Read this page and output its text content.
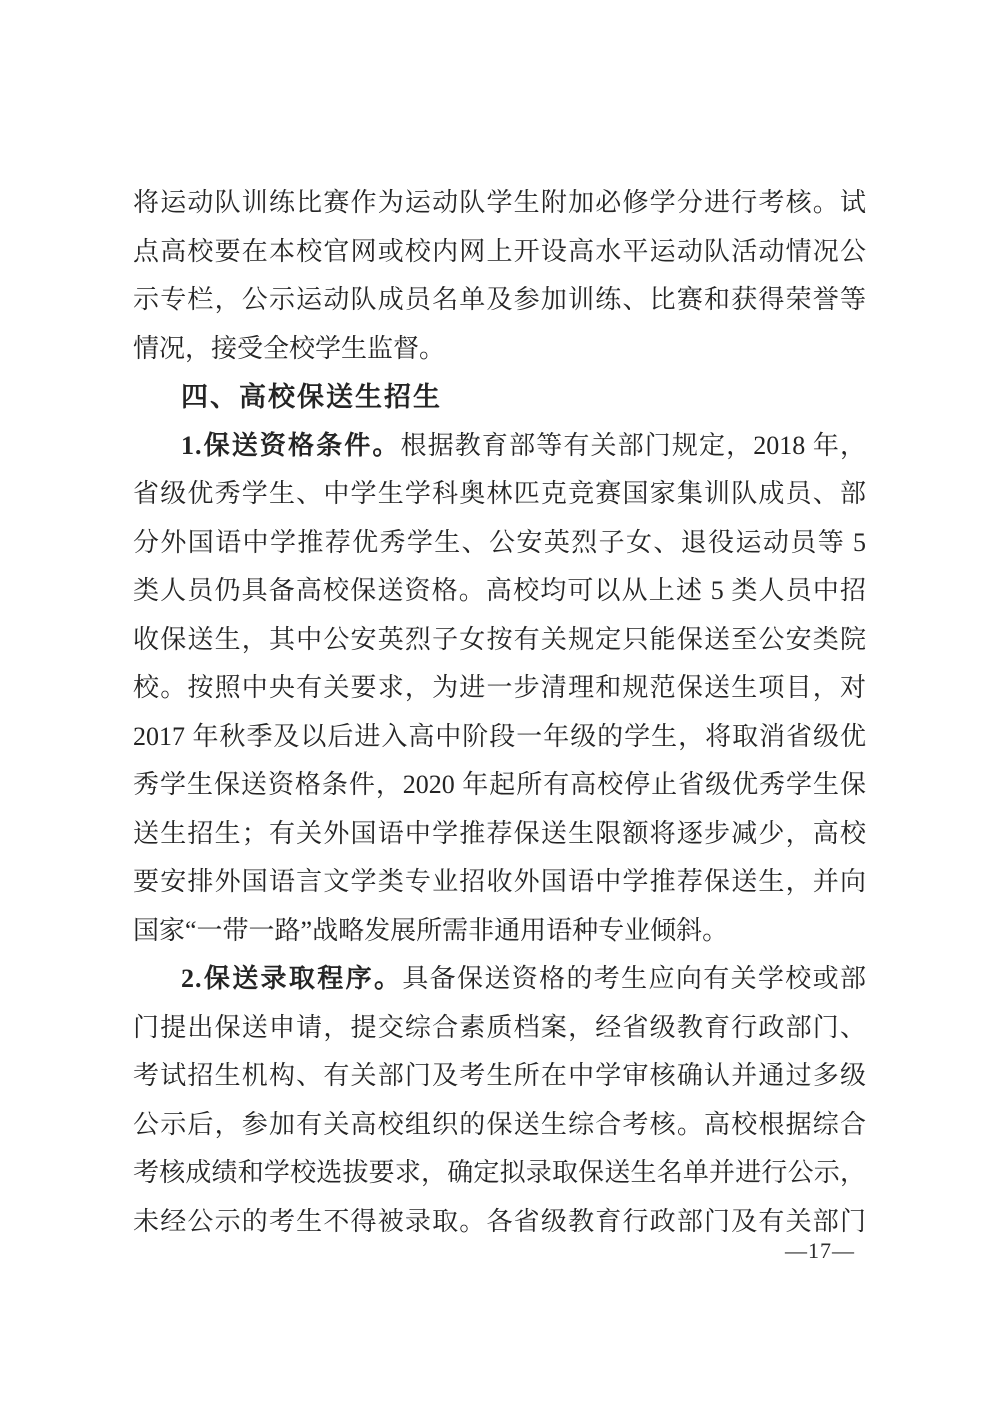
将运动队训练比赛作为运动队学生附加必修学分进行考核。试
点高校要在本校官网或校内网上开设高水平运动队活动情况公
示专栏，公示运动队成员名单及参加训练、比赛和获得荣誉等
情况，接受全校学生监督。
四、高校保送生招生
1.保送资格条件。根据教育部等有关部门规定，2018 年，
省级优秀学生、中学生学科奥林匹克竞赛国家集训队成员、部
分外国语中学推荐优秀学生、公安英烈子女、退役运动员等 5
类人员仍具备高校保送资格。高校均可以从上述 5 类人员中招
收保送生，其中公安英烈子女按有关规定只能保送至公安类院
校。按照中央有关要求，为进一步清理和规范保送生项目，对
2017 年秋季及以后进入高中阶段一年级的学生，将取消省级优
秀学生保送资格条件，2020 年起所有高校停止省级优秀学生保
送生招生；有关外国语中学推荐保送生限额将逐步减少，高校
要安排外国语言文学类专业招收外国语中学推荐保送生，并向
国家“一带一路”战略发展所需非通用语种专业倾斜。
2.保送录取程序。具备保送资格的考生应向有关学校或部
门提出保送申请，提交综合素质档案，经省级教育行政部门、
考试招生机构、有关部门及考生所在中学审核确认并通过多级
公示后，参加有关高校组织的保送生综合考核。高校根据综合
考核成绩和学校选拔要求，确定拟录取保送生名单并进行公示，
未经公示的考生不得被录取。各省级教育行政部门及有关部门
—17—
